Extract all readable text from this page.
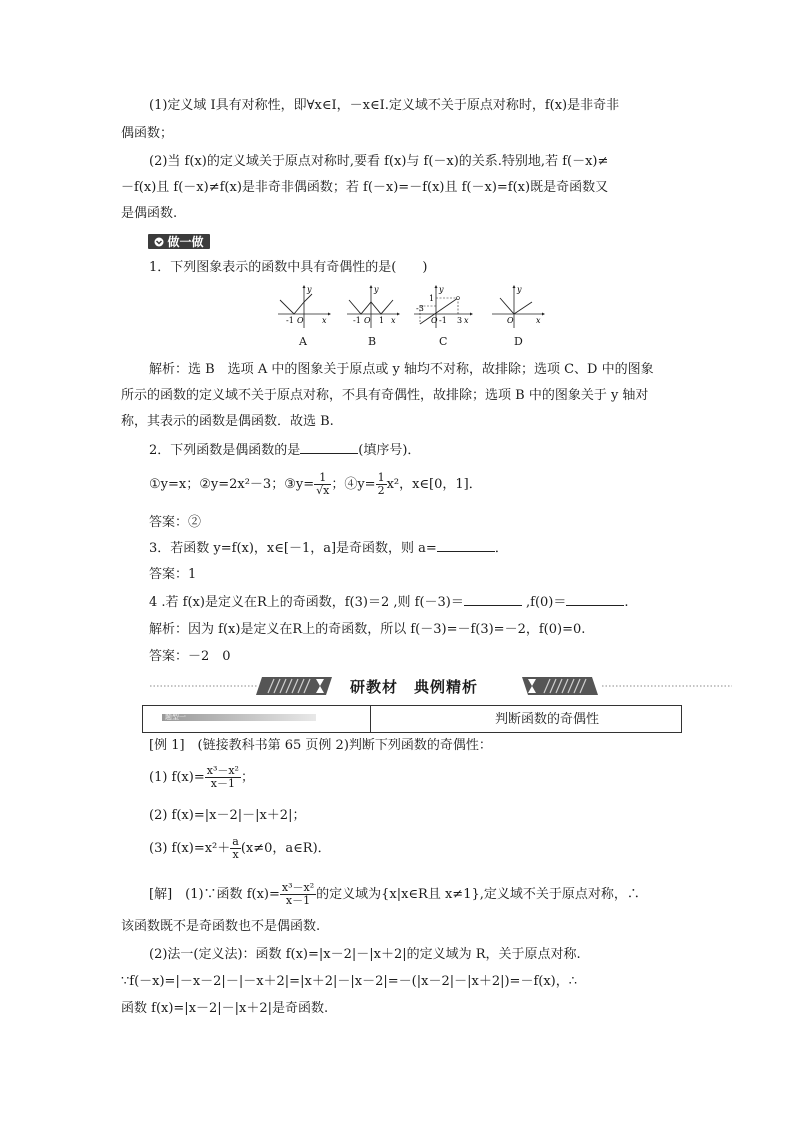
(1)定义域 I具有对称性，即∀x∈I，－x∈I.定义域不关于原点对称时，f(x)是非奇非
偶函数；
(2)当 f(x)的定义域关于原点对称时,要看 f(x)与 f(－x)的关系.特别地,若 f(－x)≠
－f(x)且 f(－x)≠f(x)是非奇非偶函数；若 f(－x)=－f(x)且 f(－x)=f(x)既是奇函数又
是偶函数.
做一做
1．下列图象表示的函数中具有奇偶性的是(　　)
y
-1 O x
A
y
-1 O 1 x
B
y
-3
1
O -1 3 x
C
y
O	x
D
解析：选 B　选项 A 中的图象关于原点或 y 轴均不对称，故排除；选项 C、D 中的图象
所示的函数的定义域不关于原点对称，不具有奇偶性，故排除；选项 B 中的图象关于 y 轴对
称，其表示的函数是偶函数．故选 B.
2．下列函数是偶函数的是	(填序号)．
①y=x；②y=2x²－3；③y= $\frac{1}{√x}$ ；④y= $\frac{1}{2} x^2$，x∈[0，1]．
答案：②
3．若函数 y=f(x)，x∈[－1，a]是奇函数，则 a=	．
答案：1
4 .若 f(x)是定义在R上的奇函数，f(3)＝2 ,则 f(－3)＝	,f(0)＝	.
解析：因为 f(x)是定义在R上的奇函数，所以 f(－3)=－f(3)=－2，f(0)=0.
答案：－2　0
研教材　典例精析
题型一	判断函数的奇偶性
[例 1]　(链接教科书第 65 页例 2)判断下列函数的奇偶性：
(1) $f(x)= \frac{\text{x³－x²}}{x-1}$ ；
(2) f(x)=|x－2|－|x＋2|；
(3) $f(x)=x^2+ \frac{a}{x} (x\ne 0$，a∈R)．
[解]　(1)∵函数 $f(x)= \frac{\text{x³－x²}}{x-1}$ 的定义域为{x|x∈R且 x≠1},定义域不关于原点对称，∴
该函数既不是奇函数也不是偶函数.
(2)法一(定义法)：函数 f(x)=|x－2|－|x＋2|的定义域为 R，关于原点对称.
∵f(－x)=|－x－2|－|－x＋2|=|x＋2|－|x－2|=－(|x－2|－|x＋2|)=－f(x)，∴
函数 f(x)=|x－2|－|x＋2|是奇函数.
